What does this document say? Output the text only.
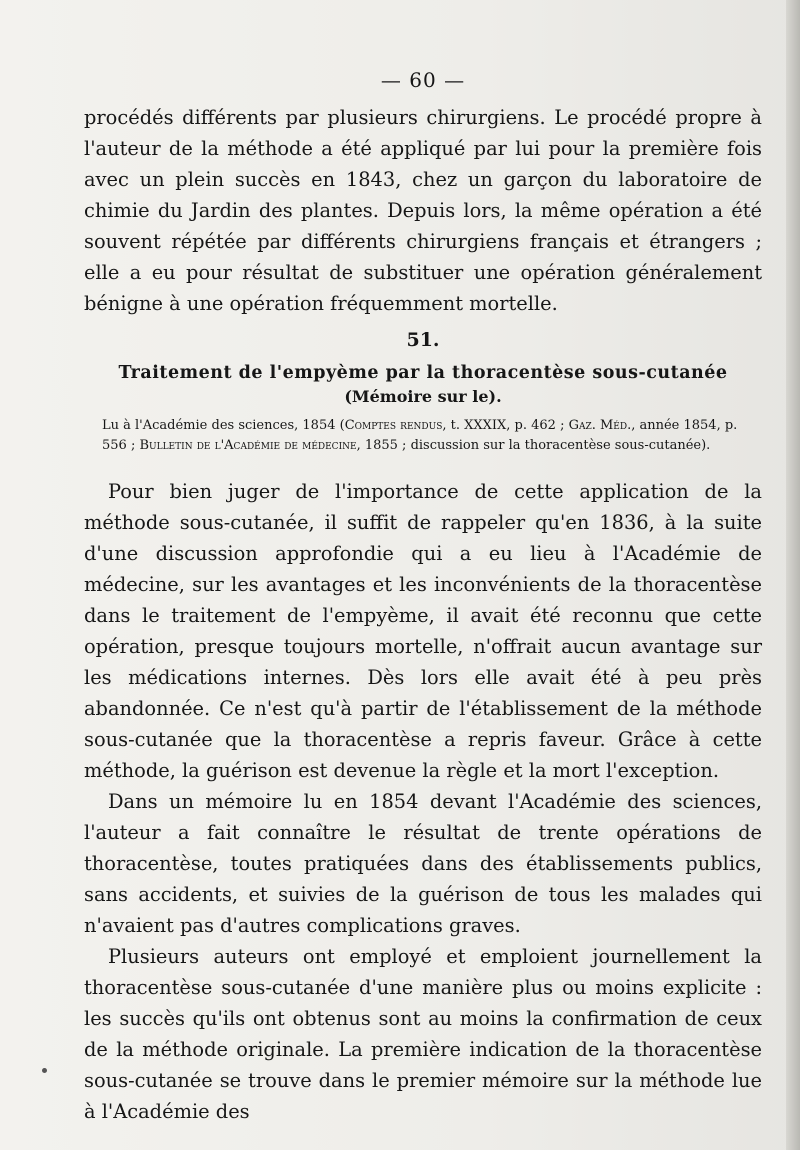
— 60 —

procédés différents par plusieurs chirurgiens. Le procédé propre à l'auteur de la méthode a été appliqué par lui pour la première fois avec un plein succès en 1843, chez un garçon du laboratoire de chimie du Jardin des plantes. Depuis lors, la même opération a été souvent répétée par différents chirurgiens français et étrangers ; elle a eu pour résultat de substituer une opération généralement bénigne à une opération fréquemment mortelle.

51.
Traitement de l'empyème par la thoracentèse sous-cutanée
(Mémoire sur le).

Lu à l'Académie des sciences, 1854 (Comptes rendus, t. XXXIX, p. 462 ; Gaz. Méd., année 1854, p. 556 ; Bulletin de l'Académie de médecine, 1855 ; discussion sur la thoracentèse sous-cutanée).

Pour bien juger de l'importance de cette application de la méthode sous-cutanée, il suffit de rappeler qu'en 1836, à la suite d'une discussion approfondie qui a eu lieu à l'Académie de médecine, sur les avantages et les inconvénients de la thoracentèse dans le traitement de l'empyème, il avait été reconnu que cette opération, presque toujours mortelle, n'offrait aucun avantage sur les médications internes. Dès lors elle avait été à peu près abandonnée. Ce n'est qu'à partir de l'établissement de la méthode sous-cutanée que la thoracentèse a repris faveur. Grâce à cette méthode, la guérison est devenue la règle et la mort l'exception.

Dans un mémoire lu en 1854 devant l'Académie des sciences, l'auteur a fait connaître le résultat de trente opérations de thoracentèse, toutes pratiquées dans des établissements publics, sans accidents, et suivies de la guérison de tous les malades qui n'avaient pas d'autres complications graves.

Plusieurs auteurs ont employé et emploient journellement la thoracentèse sous-cutanée d'une manière plus ou moins explicite : les succès qu'ils ont obtenus sont au moins la confirmation de ceux de la méthode originale. La première indication de la thoracentèse sous-cutanée se trouve dans le premier mémoire sur la méthode lue à l'Académie des
